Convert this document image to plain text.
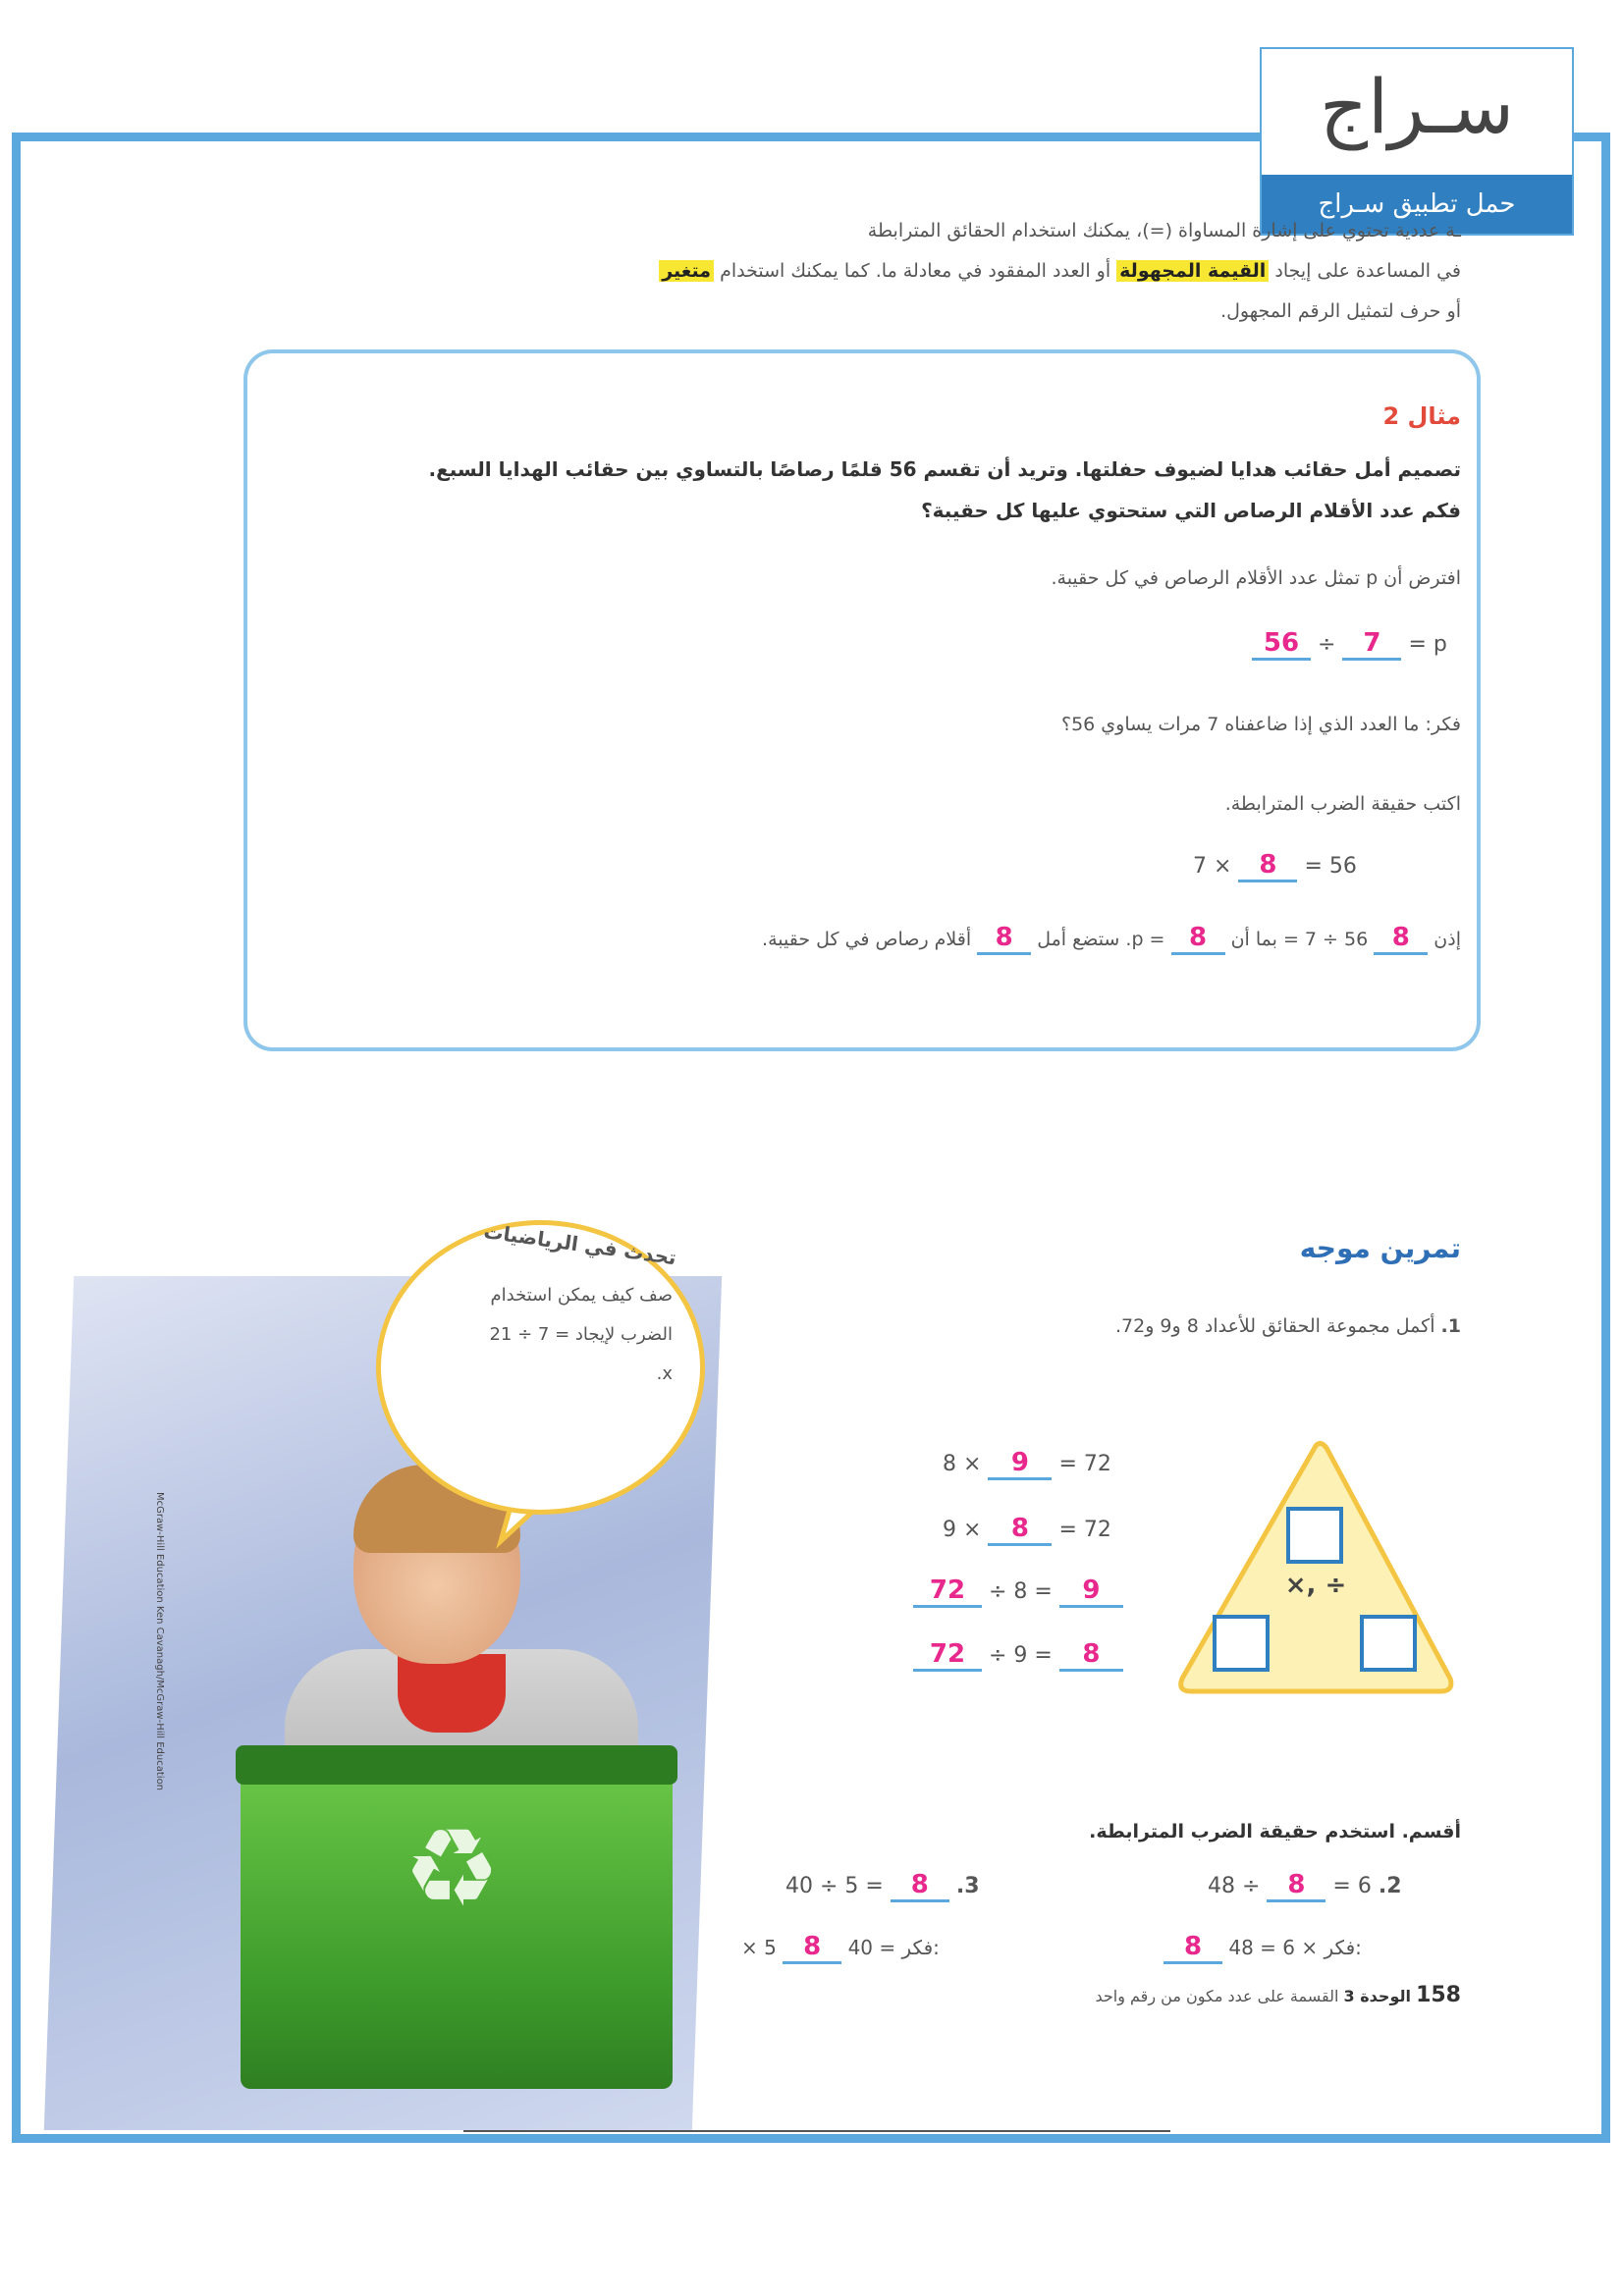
سـراج
حمل تطبيق سـراج
ـة عددية تحتوي على إشارة المساواة (=)، يمكنك استخدام الحقائق المترابطة
في المساعدة على إيجاد القيمة المجهولة أو العدد المفقود في معادلة ما. كما يمكنك استخدام متغير
أو حرف لتمثيل الرقم المجهول.
مثال 2
تصميم أمل حقائب هدايا لضيوف حفلتها. وتريد أن تقسم 56 قلمًا رصاصًا بالتساوي بين حقائب الهدايا السبع.
فكم عدد الأقلام الرصاص التي ستحتوي عليها كل حقيبة؟
افترض أن p تمثل عدد الأقلام الرصاص في كل حقيبة.
56 ÷ 7 = p
فكر: ما العدد الذي إذا ضاعفناه 7 مرات يساوي 56؟
اكتب حقيقة الضرب المترابطة.
7 × 8 = 56
إذن 8 56 ÷ 7 = بما أن 8 = p. ستضع أمل 8 أقلام رصاص في كل حقيبة.
♻
McGraw-Hill Education Ken Cavanagh/McGraw-Hill Education
تحدث في الرياضيات
صف كيف يمكن استخدام
الضرب لإيجاد = 7 ÷ 21
x.
تمرين موجه
1. أكمل مجموعة الحقائق للأعداد 8 و9 و72.
8 × 9 = 72
9 × 8 = 72
72 ÷ 8 = 9
72 ÷ 9 = 8
×, ÷
أقسم. استخدم حقيقة الضرب المترابطة.
48 ÷ 8 = 6 .2
8 48 = 6 × فكر:
40 ÷ 5 = 8 .3
× 5 8 40 = فكر:
158 الوحدة 3 القسمة على عدد مكون من رقم واحد
